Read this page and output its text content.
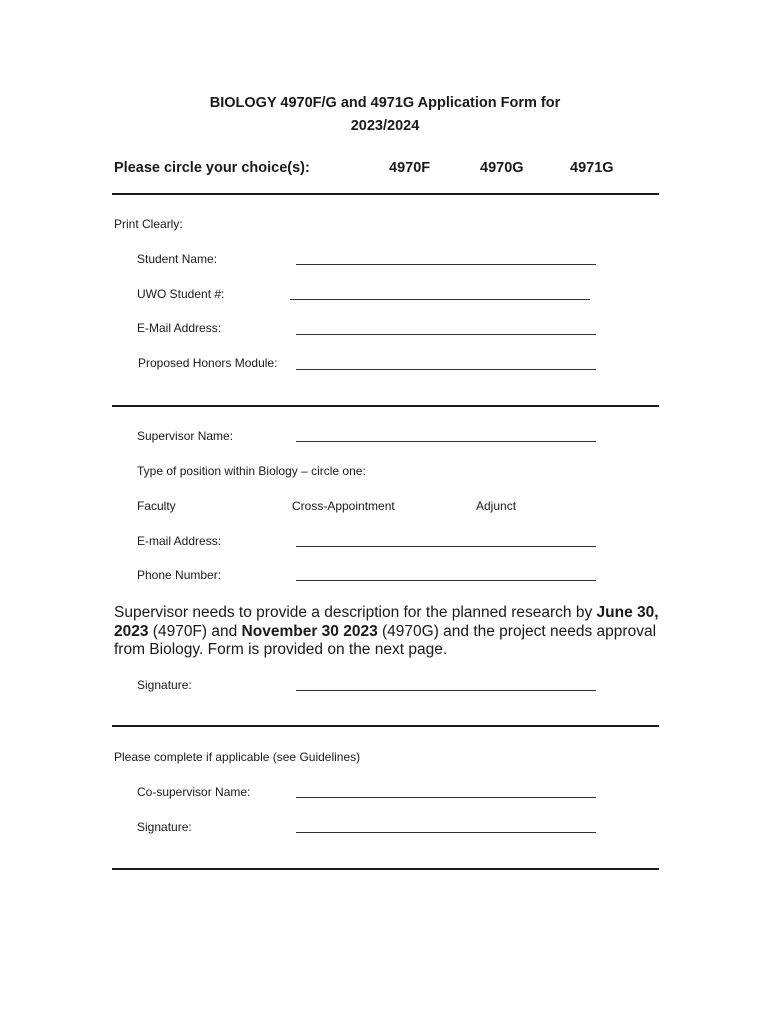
BIOLOGY 4970F/G and 4971G Application Form for
2023/2024
Please circle your choice(s):	4970F	4970G	4971G
Print Clearly:
Student Name:
UWO Student #:
E-Mail Address:
Proposed Honors Module:
Supervisor Name:
Type of position within Biology – circle one:
Faculty	Cross-Appointment	Adjunct
E-mail Address:
Phone Number:
Supervisor needs to provide a description for the planned research by June 30, 2023 (4970F) and November 30 2023 (4970G) and the project needs approval from Biology. Form is provided on the next page.
Signature:
Please complete if applicable (see Guidelines)
Co-supervisor Name:
Signature:
